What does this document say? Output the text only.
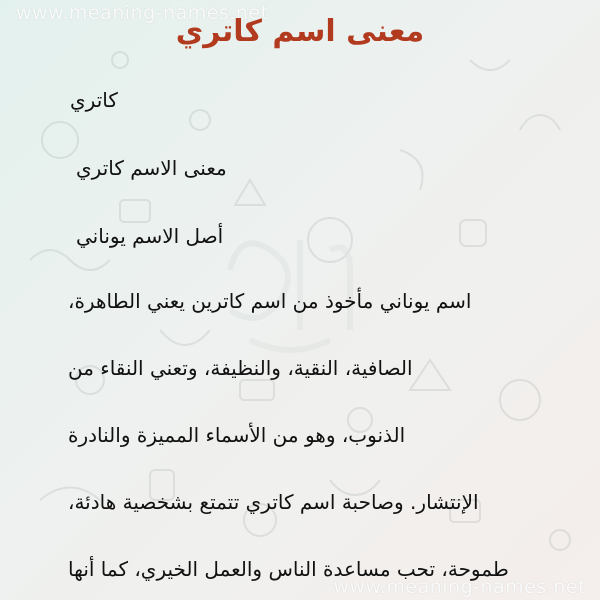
www.meaning-names.net
معنى اسم كاتري
كاتري
معنى الاسم كاتري
أصل الاسم يوناني
اسم يوناني مأخوذ من اسم كاترين يعني الطاهرة،
الصافية، النقية، والنظيفة، وتعني النقاء من
الذنوب، وهو من الأسماء المميزة والنادرة
الإنتشار. وصاحبة اسم كاتري تتمتع بشخصية هادئة،
طموحة، تحب مساعدة الناس والعمل الخيري، كما أنها
www.meaning-names.net
